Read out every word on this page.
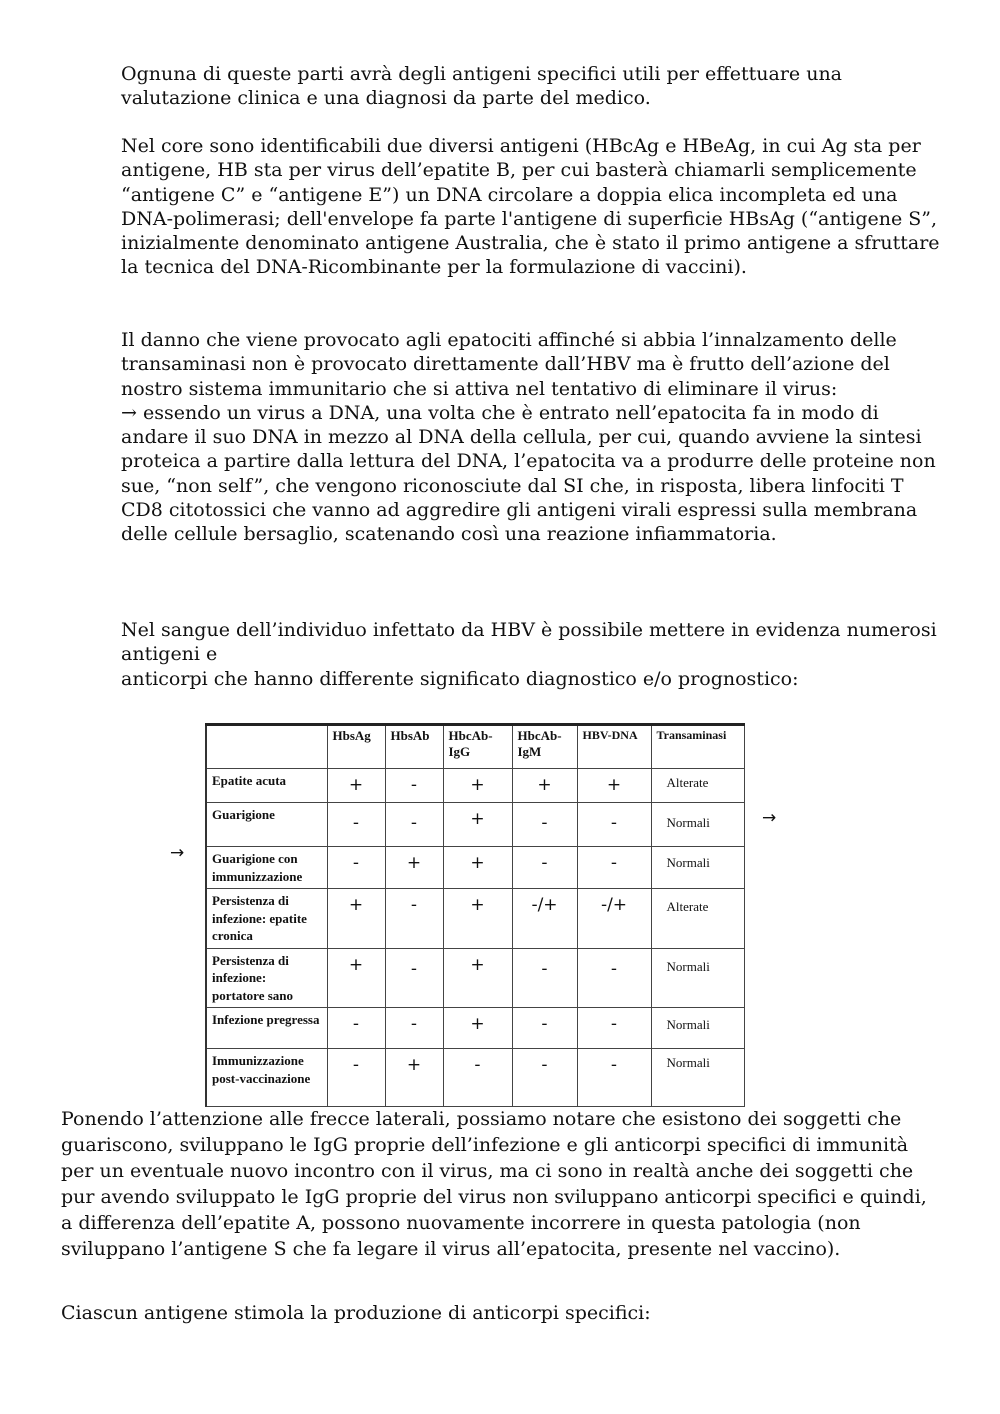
Ognuna di queste parti avrà degli antigeni specifici utili per effettuare una valutazione clinica e una diagnosi da parte del medico.

Nel core sono identificabili due diversi antigeni (HBcAg e HBeAg, in cui Ag sta per antigene, HB sta per virus dell’epatite B, per cui basterà chiamarli semplicemente “antigene C” e “antigene E”) un DNA circolare a doppia elica incompleta ed una DNA-polimerasi; dell'envelope fa parte l'antigene di superficie HBsAg (“antigene S”, inizialmente denominato antigene Australia, che è stato il primo antigene a sfruttare la tecnica del DNA-Ricombinante per la formulazione di vaccini).

Il danno che viene provocato agli epatociti affinché si abbia l’innalzamento delle transaminasi non è provocato direttamente dall’HBV ma è frutto dell’azione del nostro sistema immunitario che si attiva nel tentativo di eliminare il virus:

→ essendo un virus a DNA, una volta che è entrato nell’epatocita fa in modo di andare il suo DNA in mezzo al DNA della cellula, per cui, quando avviene la sintesi proteica a partire dalla lettura del DNA, l’epatocita va a produrre delle proteine non sue, “non self”, che vengono riconosciute dal SI che, in risposta, libera linfociti T CD8 citotossici che vanno ad aggredire gli antigeni virali espressi sulla membrana delle cellule bersaglio, scatenando così una reazione infiammatoria.

Nel sangue dell’individuo infettato da HBV è possibile mettere in evidenza numerosi antigeni e

anticorpi che hanno differente significato diagnostico e/o prognostico:

→
→
	HbsAg	HbsAb	HbcAb-IgG	HbcAb-IgM	HBV-DNA	Transaminasi
Epatite acuta	+	-	+	+	+	Alterate
Guarigione	-	-	+	-	-	Normali
Guarigione con immunizzazione	-	+	+	-	-	Normali
Persistenza di infezione: epatite cronica	+	-	+	-/+	-/+	Alterate
Persistenza di infezione: portatore sano	+	-	+	-	-	Normali
Infezione pregressa	-	-	+	-	-	Normali
Immunizzazione post-vaccinazione	-	+	-	-	-	Normali

Ponendo l’attenzione alle frecce laterali, possiamo notare che esistono dei soggetti che guariscono, sviluppano le IgG proprie dell’infezione e gli anticorpi specifici di immunità per un eventuale nuovo incontro con il virus, ma ci sono in realtà anche dei soggetti che pur avendo sviluppato le IgG proprie del virus non sviluppano anticorpi specifici e quindi, a differenza dell’epatite A, possono nuovamente incorrere in questa patologia (non sviluppano l’antigene S che fa legare il virus all’epatocita, presente nel vaccino).

Ciascun antigene stimola la produzione di anticorpi specifici:
